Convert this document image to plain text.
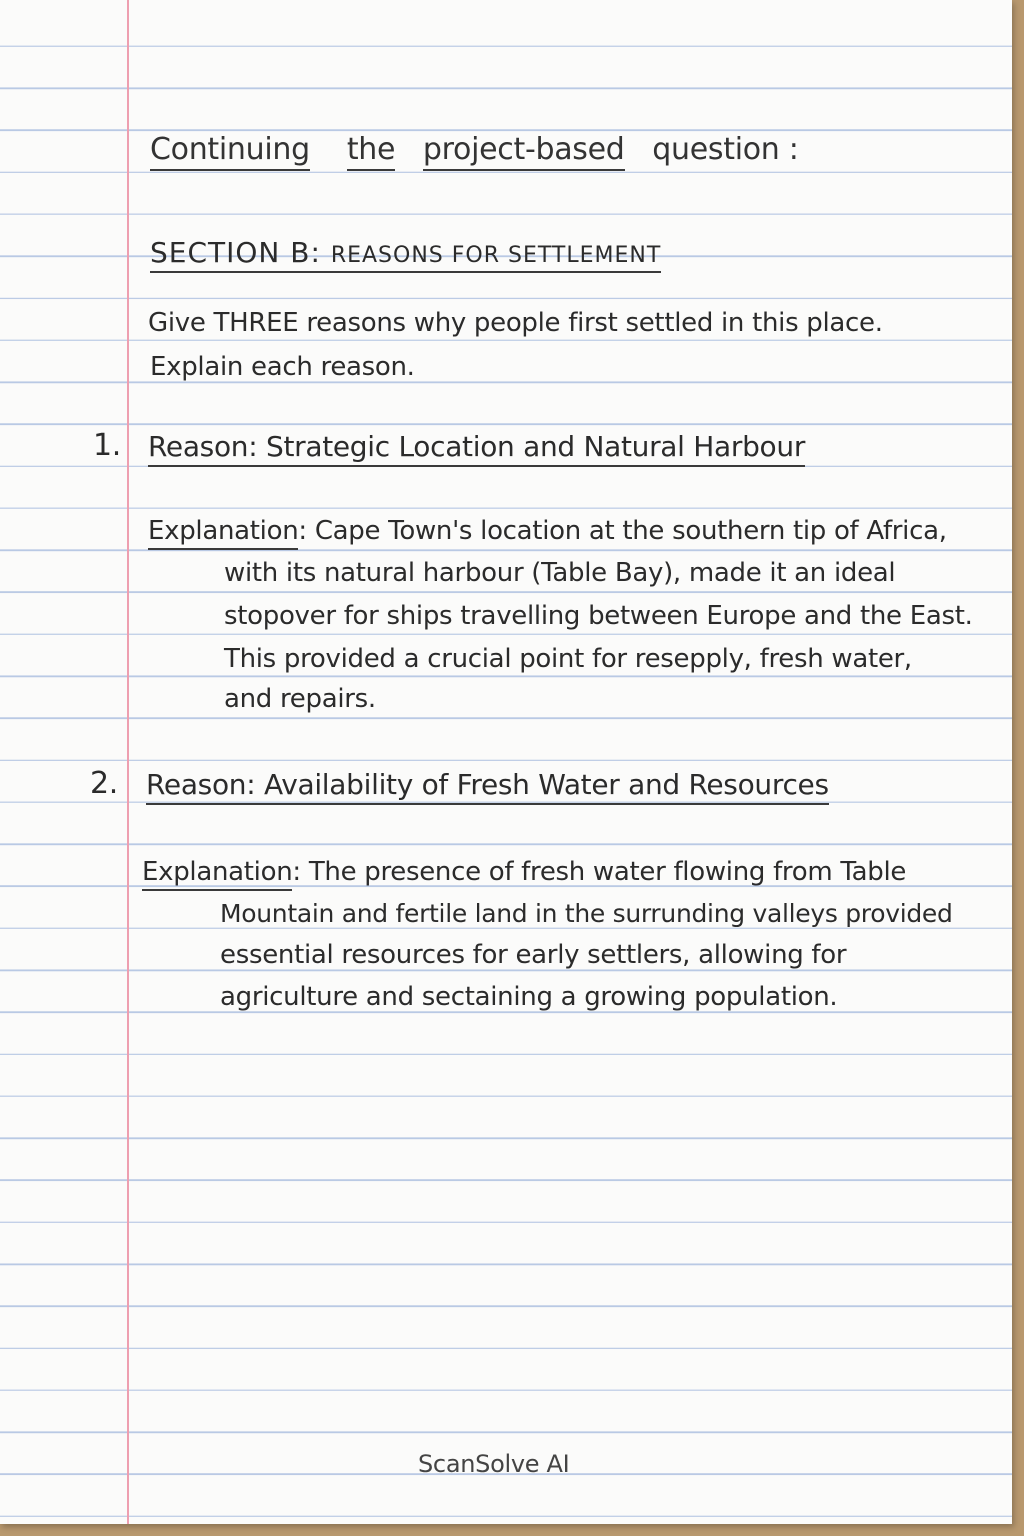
Continuing the project-based question :
SECTION B: REASONS FOR SETTLEMENT
Give THREE reasons why people first settled in this place.
Explain each reason.
1. Reason: Strategic Location and Natural Harbour
Explanation: Cape Town's location at the southern tip of Africa,
with its natural harbour (Table Bay), made it an ideal
stopover for ships travelling between Europe and the East.
This provided a crucial point for resepply, fresh water,
and repairs.
2. Reason: Availability of Fresh Water and Resources
Explanation: The presence of fresh water flowing from Table
Mountain and fertile land in the surrunding valleys provided
essential resources for early settlers, allowing for
agriculture and sectaining a growing population.
ScanSolve AI
